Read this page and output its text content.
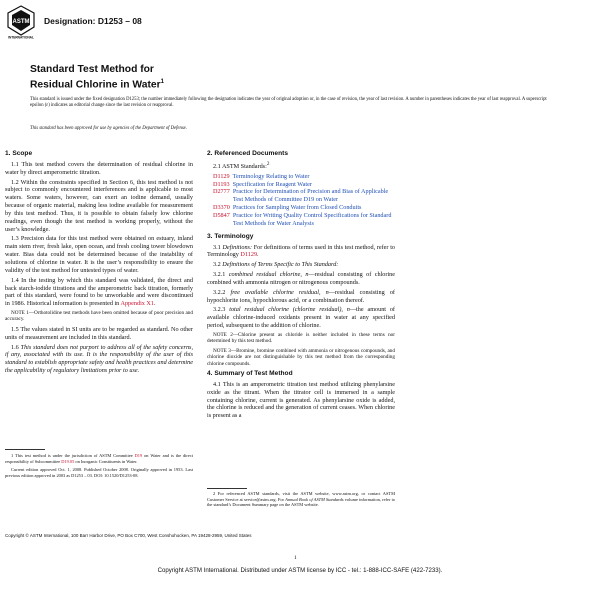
ASTM
INTERNATIONAL
Designation: D1253 – 08
Standard Test Method for
Residual Chlorine in Water$^1$
This standard is issued under the fixed designation D1253; the number immediately following the designation indicates the year of original adoption or, in the case of revision, the year of last revision. A number in parentheses indicates the year of last reapproval. A superscript epsilon (ε) indicates an editorial change since the last revision or reapproval.
This standard has been approved for use by agencies of the Department of Defense.
1. Scope
1.1 This test method covers the determination of residual chlorine in water by direct amperometric titration.
1.2 Within the constraints specified in Section 6, this test method is not subject to commonly encountered interferences and is applicable to most waters. Some waters, however, can exert an iodine demand, usually because of organic material, making less iodine available for measurement by this test method. Thus, it is possible to obtain falsely low chlorine readings, even though the test method is working properly, without the user’s knowledge.
1.3 Precision data for this test method were obtained on estuary, inland main stem river, fresh lake, open ocean, and fresh cooling tower blowdown water. Bias data could not be determined because of the instability of solutions of chlorine in water. It is the user’s responsibility to ensure the validity of the test method for untested types of water.
1.4 In the testing by which this standard was validated, the direct and back starch-iodide titrations and the amperometric back titration, formerly part of this standard, were found to be unworkable and were discontinued in 1986. Historical information is presented in Appendix X1.
NOTE 1—Orthotolidine test methods have been omitted because of poor precision and accuracy.
1.5 The values stated in SI units are to be regarded as standard. No other units of measurement are included in this standard.
1.6 This standard does not purport to address all of the safety concerns, if any, associated with its use. It is the responsibility of the user of this standard to establish appropriate safety and health practices and determine the applicability of regulatory limitations prior to use.
1 This test method is under the jurisdiction of ASTM Committee D19 on Water and is the direct responsibility of Subcommittee D19.05 on Inorganic Constituents in Water.
Current edition approved Oct. 1, 2008. Published October 2008. Originally approved in 1953. Last previous edition approved in 2003 as D1253 – 03. DOI: 10.1520/D1253-08.
2. Referenced Documents
2.1 ASTM Standards:$^2$
D1129 Terminology Relating to Water
D1193 Specification for Reagent Water
D2777 Practice for Determination of Precision and Bias of Applicable Test Methods of Committee D19 on Water
D3370 Practices for Sampling Water from Closed Conduits
D5847 Practice for Writing Quality Control Specifications for Standard Test Methods for Water Analysis
3. Terminology
3.1 Definitions: For definitions of terms used in this test method, refer to Terminology D1129.
3.2 Definitions of Terms Specific to This Standard:
3.2.1 combined residual chlorine, n—residual consisting of chlorine combined with ammonia nitrogen or nitrogenous compounds.
3.2.2 free available chlorine residual, n—residual consisting of hypochlorite ions, hypochlorous acid, or a combination thereof.
3.2.3 total residual chlorine (chlorine residual), n—the amount of available chlorine-induced oxidants present in water at any specified period, subsequent to the addition of chlorine.
NOTE 2—Chlorine present as chloride is neither included in these terms nor determined by this test method.
NOTE 3—Bromine, bromine combined with ammonia or nitrogenous compounds, and chlorine dioxide are not distinguishable by this test method from the corresponding chlorine compounds.
4. Summary of Test Method
4.1 This is an amperometric titration test method utilizing phenylarsine oxide as the titrant. When the titrator cell is immersed in a sample containing chlorine, current is generated. As phenylarsine oxide is added, the chlorine is reduced and the generation of current ceases. When chlorine is present as a
2 For referenced ASTM standards, visit the ASTM website, www.astm.org, or contact ASTM Customer Service at service@astm.org. For Annual Book of ASTM Standards volume information, refer to the standard’s Document Summary page on the ASTM website.
Copyright © ASTM International, 100 Barr Harbor Drive, PO Box C700, West Conshohocken, PA 19428-2959, United States
1
Copyright ASTM International. Distributed under ASTM license by ICC - tel.: 1-888-ICC-SAFE (422-7233).
